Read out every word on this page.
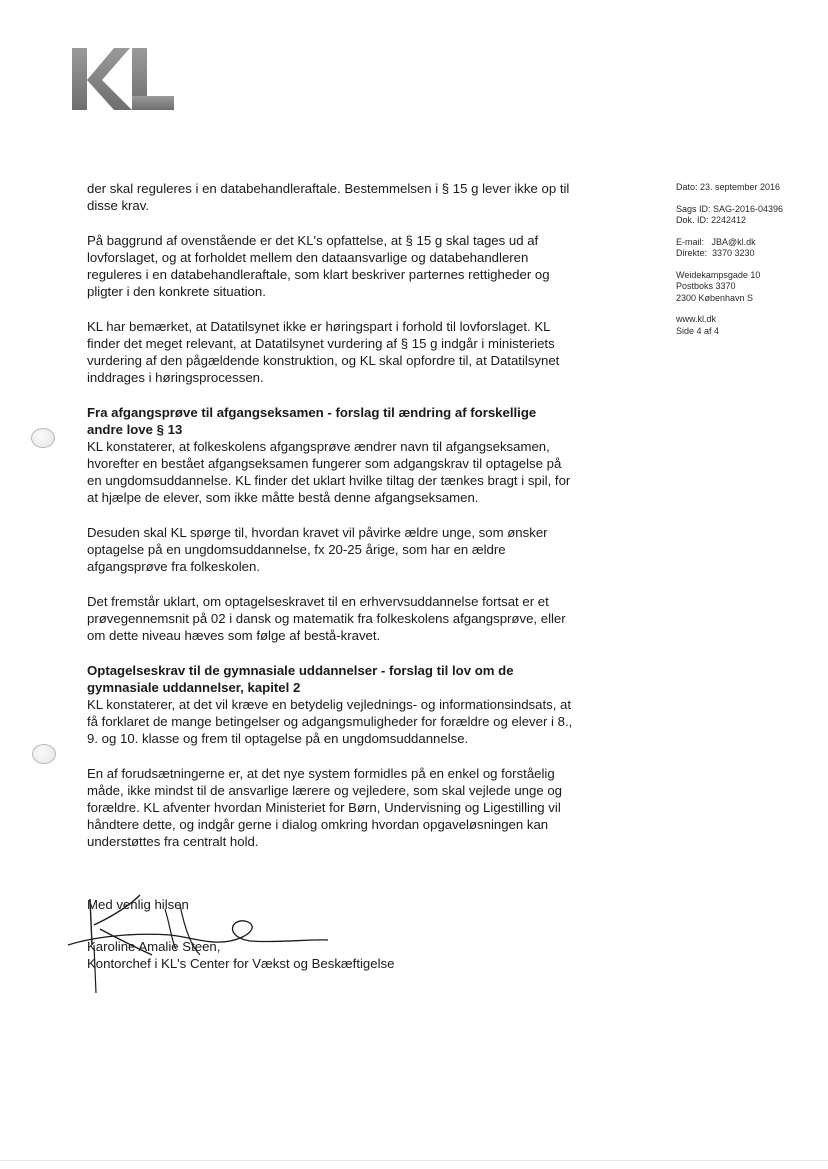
Dato: 23. september 2016
Sags ID: SAG-2016-04396
Dok. ID: 2242412
E-mail:   JBA@kl.dk
Direkte:  3370 3230
Weidekampsgade 10
Postboks 3370
2300 København S
www.kl.dk
Side 4 af 4

der skal reguleres i en databehandleraftale. Bestemmelsen i § 15 g lever ikke op til disse krav.

På baggrund af ovenstående er det KL's opfattelse, at § 15 g skal tages ud af lovforslaget, og at forholdet mellem den dataansvarlige og databehandleren reguleres i en databehandleraftale, som klart beskriver parternes rettigheder og pligter i den konkrete situation.

KL har bemærket, at Datatilsynet ikke er høringspart i forhold til lovforslaget. KL finder det meget relevant, at Datatilsynet vurdering af § 15 g indgår i ministeriets vurdering af den pågældende konstruktion, og KL skal opfordre til, at Datatilsynet inddrages i høringsprocessen.

Fra afgangsprøve til afgangseksamen - forslag til ændring af forskellige andre love § 13

KL konstaterer, at folkeskolens afgangsprøve ændrer navn til afgangseksamen, hvorefter en bestået afgangseksamen fungerer som adgangskrav til optagelse på en ungdomsuddannelse. KL finder det uklart hvilke tiltag der tænkes bragt i spil, for at hjælpe de elever, som ikke måtte bestå denne afgangseksamen.

Desuden skal KL spørge til, hvordan kravet vil påvirke ældre unge, som ønsker optagelse på en ungdomsuddannelse, fx 20-25 årige, som har en ældre afgangsprøve fra folkeskolen.

Det fremstår uklart, om optagelseskravet til en erhvervsuddannelse fortsat er et prøvegennemsnit på 02 i dansk og matematik fra folkeskolens afgangsprøve, eller om dette niveau hæves som følge af bestå-kravet.

Optagelseskrav til de gymnasiale uddannelser - forslag til lov om de gymnasiale uddannelser, kapitel 2

KL konstaterer, at det vil kræve en betydelig vejlednings- og informationsindsats, at få forklaret de mange betingelser og adgangsmuligheder for forældre og elever i 8., 9. og 10. klasse og frem til optagelse på en ungdomsuddannelse.

En af forudsætningerne er, at det nye system formidles på en enkel og forståelig måde, ikke mindst til de ansvarlige lærere og vejledere, som skal vejlede unge og forældre. KL afventer hvordan Ministeriet for Børn, Undervisning og Ligestilling vil håndtere dette, og indgår gerne i dialog omkring hvordan opgaveløsningen kan understøttes fra centralt hold.

Med venlig hilsen
Karoline Amalie Steen,
Kontorchef i KL's Center for Vækst og Beskæftigelse
